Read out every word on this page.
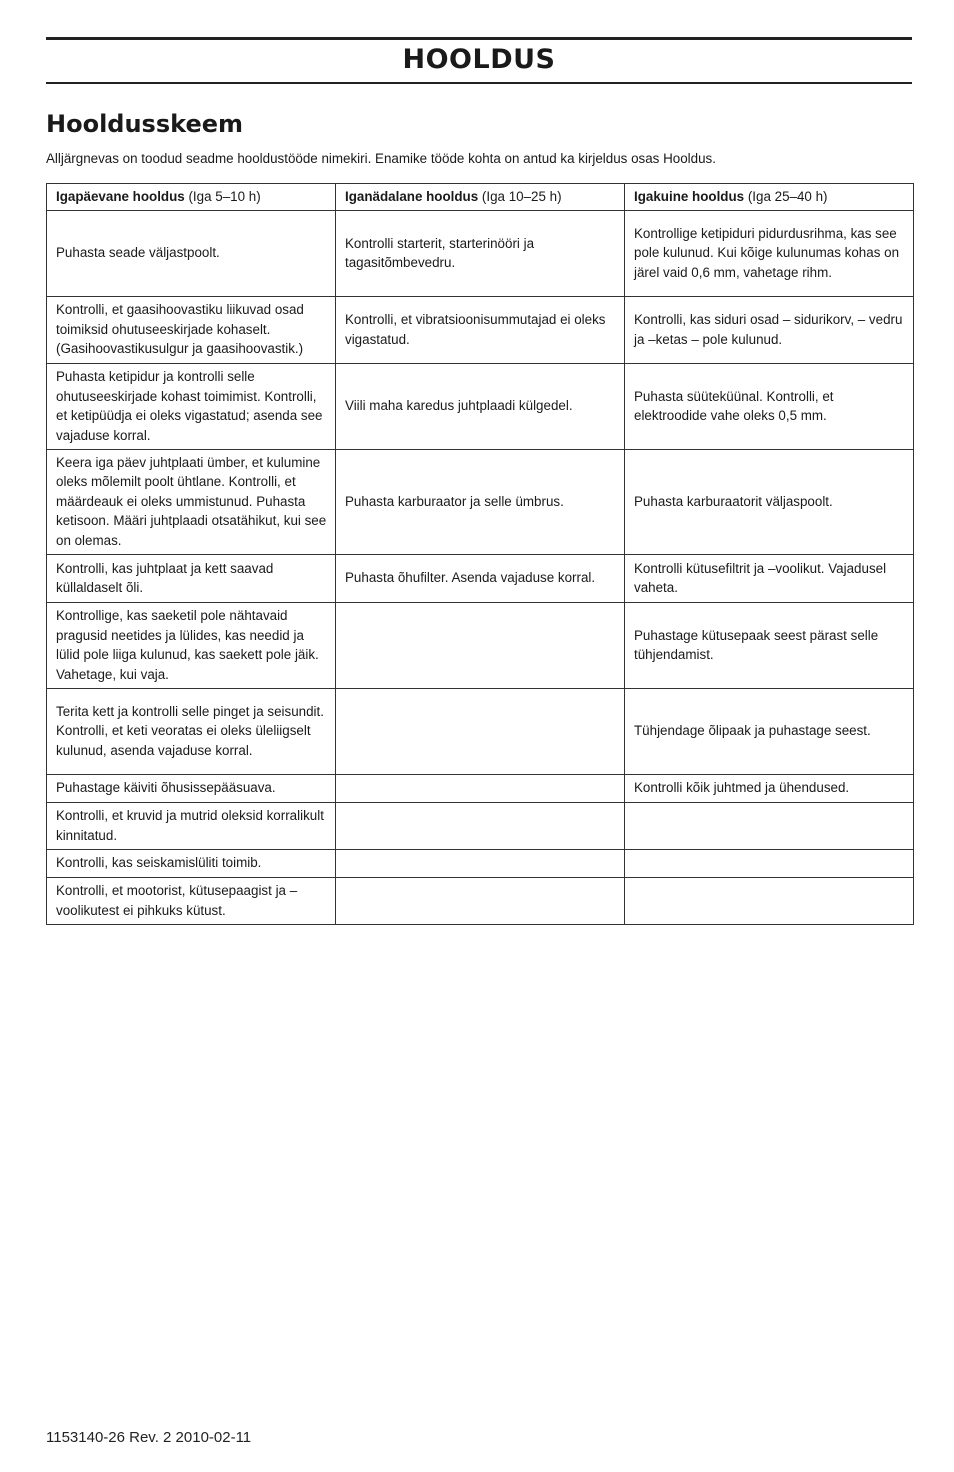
HOOLDUS
Hooldusskeem
Alljärgnevas on toodud seadme hooldustööde nimekiri. Enamike tööde kohta on antud ka kirjeldus osas Hooldus.
Igapäevane hooldus (Iga 5–10 h)	Iganädalane hooldus (Iga 10–25 h)	Igakuine hooldus (Iga 25–40 h)
Puhasta seade väljastpoolt.	Kontrolli starterit, starterinööri ja tagasitõmbevedru.	Kontrollige ketipiduri pidurdusrihma, kas see pole kulunud. Kui kõige kulunumas kohas on järel vaid 0,6 mm, vahetage rihm.
Kontrolli, et gaasihoovastiku liikuvad osad toimiksid ohutuseeskirjade kohaselt. (Gasihoovastikusulgur ja gaasihoovastik.)	Kontrolli, et vibratsioonisummutajad ei oleks vigastatud.	Kontrolli, kas siduri osad – sidurikorv, – vedru ja –ketas – pole kulunud.
Puhasta ketipidur ja kontrolli selle ohutuseeskirjade kohast toimimist. Kontrolli, et ketipüüdja ei oleks vigastatud; asenda see vajaduse korral.	Viili maha karedus juhtplaadi külgedel.	Puhasta süüteküünal. Kontrolli, et elektroodide vahe oleks 0,5 mm.
Keera iga päev juhtplaati ümber, et kulumine oleks mõlemilt poolt ühtlane. Kontrolli, et määrdeauk ei oleks ummistunud. Puhasta ketisoon. Määri juhtplaadi otsatähikut, kui see on olemas.	Puhasta karburaator ja selle ümbrus.	Puhasta karburaatorit väljaspoolt.
Kontrolli, kas juhtplaat ja kett saavad küllaldaselt õli.	Puhasta õhufilter. Asenda vajaduse korral.	Kontrolli kütusefiltrit ja –voolikut. Vajadusel vaheta.
Kontrollige, kas saeketil pole nähtavaid pragusid neetides ja lülides, kas needid ja lülid pole liiga kulunud, kas saekett pole jäik. Vahetage, kui vaja.		Puhastage kütusepaak seest pärast selle tühjendamist.
Terita kett ja kontrolli selle pinget ja seisundit. Kontrolli, et keti veoratas ei oleks üleliigselt kulunud, asenda vajaduse korral.		Tühjendage õlipaak ja puhastage seest.
Puhastage käiviti õhusissepääsuava.		Kontrolli kõik juhtmed ja ühendused.
Kontrolli, et kruvid ja mutrid oleksid korralikult kinnitatud.		
Kontrolli, kas seiskamislüliti toimib.		
Kontrolli, et mootorist, kütusepaagist ja –voolikutest ei pihkuks kütust.		
1153140-26 Rev. 2 2010-02-11
